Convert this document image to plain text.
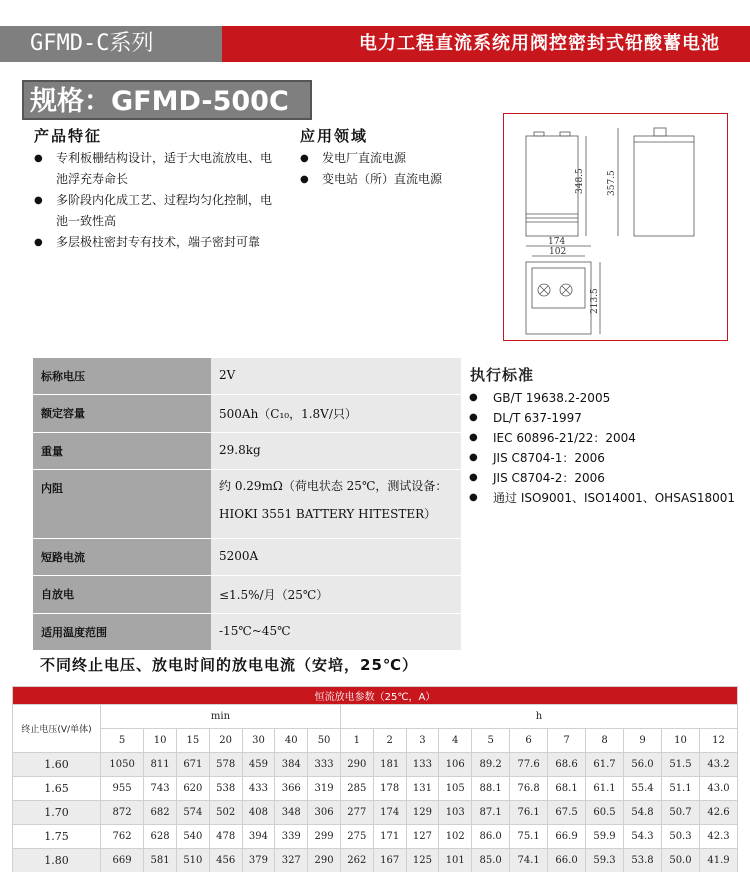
GFMD-C系列	电力工程直流系统用阀控密封式铅酸蓄电池
规格：GFMD-500C
产品特征
● 专利板栅结构设计，适于大电流放电、电池浮充寿命长
● 多阶段内化成工艺、过程均匀化控制，电池一致性高
● 多层极柱密封专有技术，端子密封可靠
应用领域
● 发电厂直流电源
● 变电站（所）直流电源	348.5 357.5
174
102
213.5
标称电压	2V
额定容量	500Ah（C₁₀，1.8V/只）
重量	29.8kg
内阻	约 0.29mΩ（荷电状态 25℃，测试设备：
HIOKI 3551 BATTERY HITESTER）

短路电流	5200A
自放电	≤1.5%/月（25℃）
适用温度范围	-15℃~45℃
执行标准
● GB/T 19638.2-2005
● DL/T 637-1997
● IEC 60896-21/22：2004
● JIS C8704-1：2006
● JIS C8704-2：2006
● 通过 ISO9001、ISO14001、OHSAS18001
不同终止电压、放电时间的放电电流（安培，25℃）
恒流放电参数（25℃，A）																		
终止电压(V/单体)	min							h										
	5	10	15	20	30	40	50	1	2	3	4	5	6	7	8	9	10	12
1.60	1050	811	671	578	459	384	333	290	181	133	106	89.2	77.6	68.6	61.7	56.0	51.5	43.2
1.65	955	743	620	538	433	366	319	285	178	131	105	88.1	76.8	68.1	61.1	55.4	51.1	43.0
1.70	872	682	574	502	408	348	306	277	174	129	103	87.1	76.1	67.5	60.5	54.8	50.7	42.6
1.75	762	628	540	478	394	339	299	275	171	127	102	86.0	75.1	66.9	59.9	54.3	50.3	42.3
1.80	669	581	510	456	379	327	290	262	167	125	101	85.0	74.1	66.0	59.3	53.8	50.0	41.9
